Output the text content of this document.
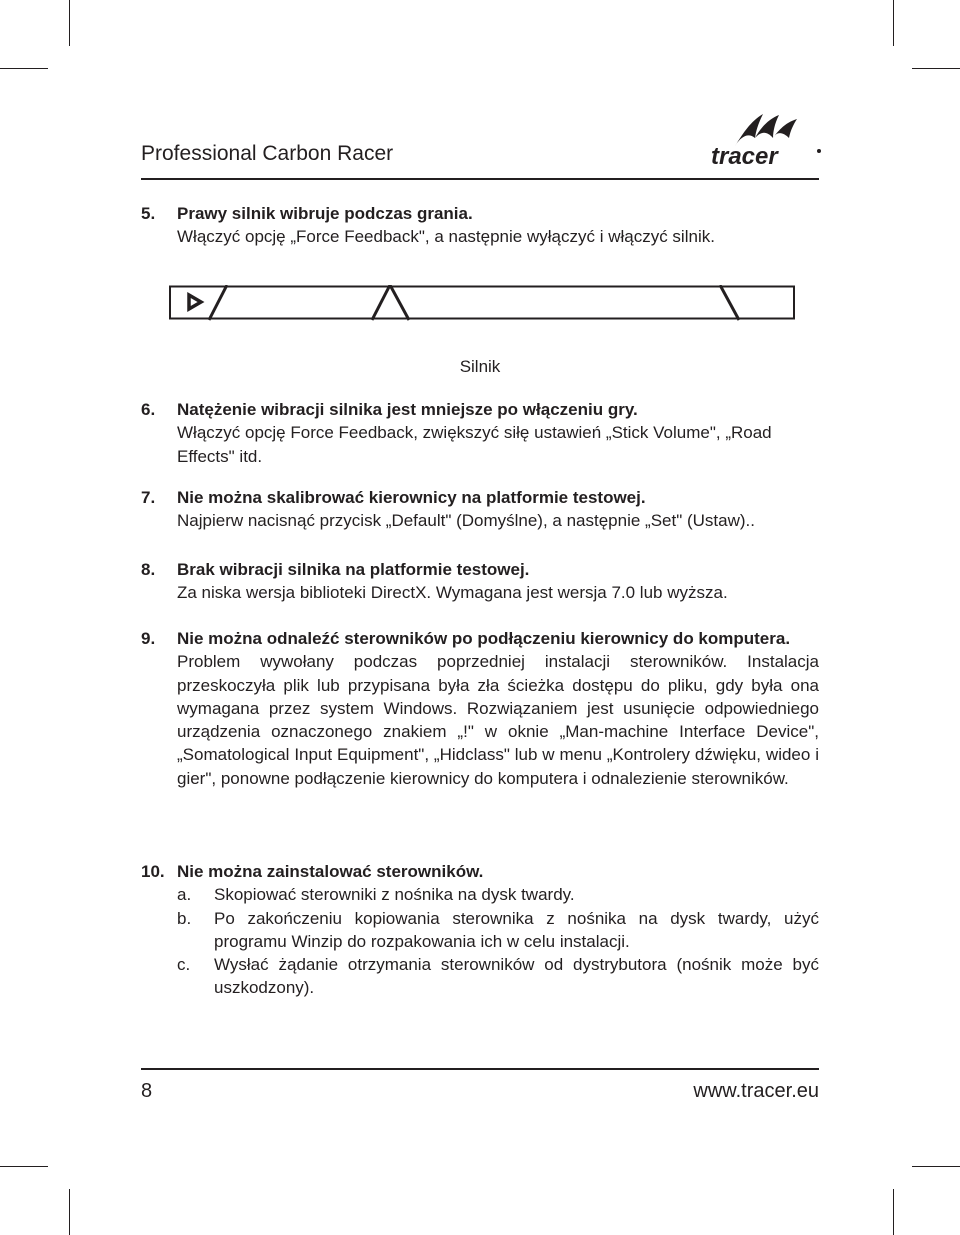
Professional Carbon Racer	tracer
5. Prawy silnik wibruje podczas grania.
Włączyć opcję „Force Feedback", a następnie wyłączyć i włączyć silnik.
Silnik
6. Natężenie wibracji silnika jest mniejsze po włączeniu gry.
Włączyć opcję Force Feedback, zwiększyć siłę ustawień „Stick Volume", „Road Effects" itd.
7. Nie można skalibrować kierownicy na platformie testowej.
Najpierw nacisnąć przycisk „Default" (Domyślne), a następnie „Set" (Ustaw)..
8. Brak wibracji silnika na platformie testowej.
Za niska wersja biblioteki DirectX. Wymagana jest wersja 7.0 lub wyższa.
9. Nie można odnaleźć sterowników po podłączeniu kierownicy do komputera.
Problem wywołany podczas poprzedniej instalacji sterowników. Instalacja przeskoczyła plik lub przypisana była zła ścieżka dostępu do pliku, gdy była ona wymagana przez system Windows. Rozwiązaniem jest usunięcie odpowiedniego urządzenia oznaczonego znakiem „!" w oknie „Man-machine Interface Device", „Somatological Input Equipment", „Hidclass" lub w menu „Kontrolery dźwięku, wideo i gier", ponowne podłączenie kierownicy do komputera i odnalezienie sterowników.
10. Nie można zainstalować sterowników.
a. Skopiować sterowniki z nośnika na dysk twardy.
b. Po zakończeniu kopiowania sterownika z nośnika na dysk twardy, użyć programu Winzip do rozpakowania ich w celu instalacji.
c. Wysłać żądanie otrzymania sterowników od dystrybutora (nośnik może być uszkodzony).
8	www.tracer.eu
